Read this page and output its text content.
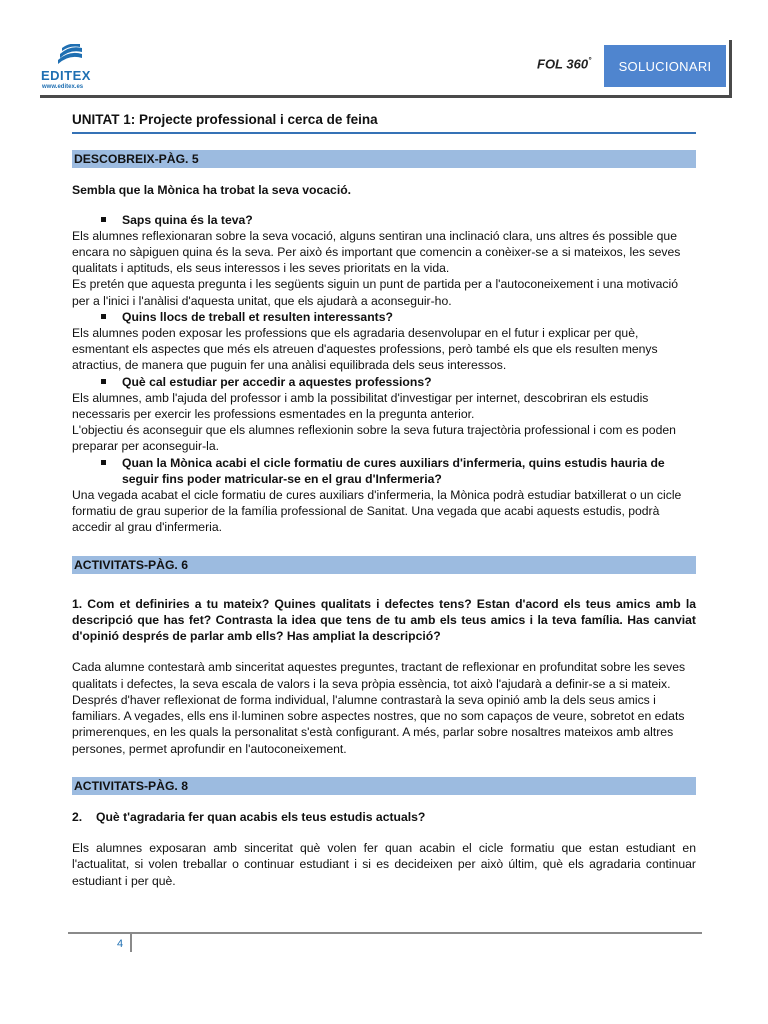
EDITEX
www.editex.es
FOL 360°	SOLUCIONARI
UNITAT 1: Projecte professional i cerca de feina
DESCOBREIX-PÀG. 5
Sembla que la Mònica ha trobat la seva vocació.
Saps quina és la teva?
Els alumnes reflexionaran sobre la seva vocació, alguns sentiran una inclinació clara, uns altres és possible que encara no sàpiguen quina és la seva. Per això és important que comencin a conèixer-se a si mateixos, les seves qualitats i aptituds, els seus interessos i les seves prioritats en la vida.
Es pretén que aquesta pregunta i les següents siguin un punt de partida per a l'autoconeixement i una motivació per a l'inici i l'anàlisi d'aquesta unitat, que els ajudarà a aconseguir-ho.
Quins llocs de treball et resulten interessants?
Els alumnes poden exposar les professions que els agradaria desenvolupar en el futur i explicar per què, esmentant els aspectes que més els atreuen d'aquestes professions, però també els que els resulten menys atractius, de manera que puguin fer una anàlisi equilibrada dels seus interessos.
Què cal estudiar per accedir a aquestes professions?
Els alumnes, amb l'ajuda del professor i amb la possibilitat d'investigar per internet, descobriran els estudis necessaris per exercir les professions esmentades en la pregunta anterior.
L'objectiu és aconseguir que els alumnes reflexionin sobre la seva futura trajectòria professional i com es poden preparar per aconseguir-la.
Quan la Mònica acabi el cicle formatiu de cures auxiliars d'infermeria, quins estudis hauria de seguir fins poder matricular-se en el grau d'Infermeria?
Una vegada acabat el cicle formatiu de cures auxiliars d'infermeria, la Mònica podrà estudiar batxillerat o un cicle formatiu de grau superior de la família professional de Sanitat. Una vegada que acabi aquests estudis, podrà accedir al grau d'infermeria.
ACTIVITATS-PÀG. 6
1. Com et definiries a tu mateix? Quines qualitats i defectes tens? Estan d'acord els teus amics amb la descripció que has fet? Contrasta la idea que tens de tu amb els teus amics i la teva família. Has canviat d'opinió després de parlar amb ells? Has ampliat la descripció?
Cada alumne contestarà amb sinceritat aquestes preguntes, tractant de reflexionar en profunditat sobre les seves qualitats i defectes, la seva escala de valors i la seva pròpia essència, tot això l'ajudarà a definir-se a si mateix.
Després d'haver reflexionat de forma individual, l'alumne contrastarà la seva opinió amb la dels seus amics i familiars. A vegades, ells ens il·luminen sobre aspectes nostres, que no som capaços de veure, sobretot en edats primerenques, en les quals la personalitat s'està configurant. A més, parlar sobre nosaltres mateixos amb altres persones, permet aprofundir en l'autoconeixement.
ACTIVITATS-PÀG. 8
2. Què t'agradaria fer quan acabis els teus estudis actuals?
Els alumnes exposaran amb sinceritat què volen fer quan acabin el cicle formatiu que estan estudiant en l'actualitat, si volen treballar o continuar estudiant i si es decideixen per això últim, què els agradaria continuar estudiant i per què.
4
